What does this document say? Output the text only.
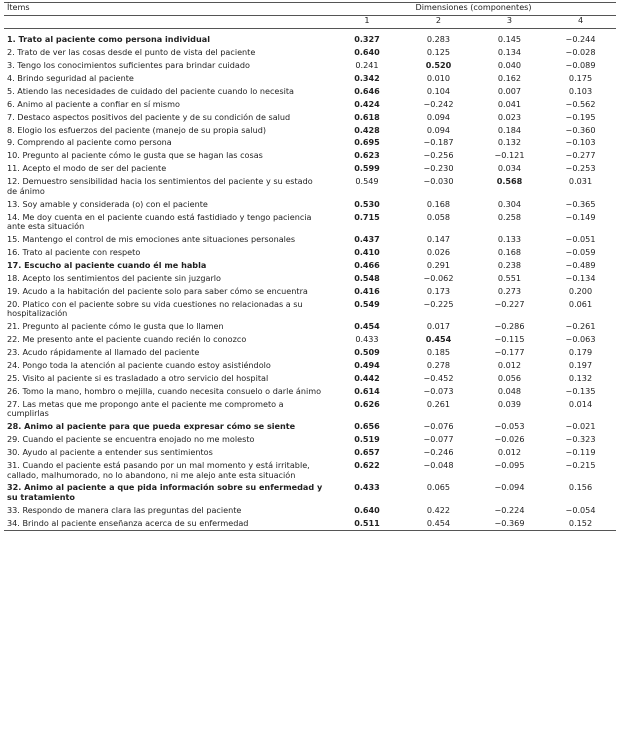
Ítems	Dimensiones (componentes)			
	1	2	3	4

1. Trato al paciente como persona individual	0.327	0.283	0.145	−0.244
2. Trato de ver las cosas desde el punto de vista del paciente	0.640	0.125	0.134	−0.028
3. Tengo los conocimientos suficientes para brindar cuidado	0.241	0.520	0.040	−0.089
4. Brindo seguridad al paciente	0.342	0.010	0.162	0.175
5. Atiendo las necesidades de cuidado del paciente cuando lo necesita	0.646	0.104	0.007	0.103
6. Animo al paciente a confiar en sí mismo	0.424	−0.242	0.041	−0.562
7. Destaco aspectos positivos del paciente y de su condición de salud	0.618	0.094	0.023	−0.195
8. Elogio los esfuerzos del paciente (manejo de su propia salud)	0.428	0.094	0.184	−0.360
9. Comprendo al paciente como persona	0.695	−0.187	0.132	−0.103
10. Pregunto al paciente cómo le gusta que se hagan las cosas	0.623	−0.256	−0.121	−0.277
11. Acepto el modo de ser del paciente	0.599	−0.230	0.034	−0.253
12. Demuestro sensibilidad hacia los sentimientos del paciente y su estado de ánimo	0.549	−0.030	0.568	0.031
13. Soy amable y considerada (o) con el paciente	0.530	0.168	0.304	−0.365
14. Me doy cuenta en el paciente cuando está fastidiado y tengo paciencia ante esta situación	0.715	0.058	0.258	−0.149
15. Mantengo el control de mis emociones ante situaciones personales	0.437	0.147	0.133	−0.051
16. Trato al paciente con respeto	0.410	0.026	0.168	−0.059
17. Escucho al paciente cuando él me habla	0.466	0.291	0.238	−0.489
18. Acepto los sentimientos del paciente sin juzgarlo	0.548	−0.062	0.551	−0.134
19. Acudo a la habitación del paciente solo para saber cómo se encuentra	0.416	0.173	0.273	0.200
20. Platico con el paciente sobre su vida cuestiones no relacionadas a su hospitalización	0.549	−0.225	−0.227	0.061
21. Pregunto al paciente cómo le gusta que lo llamen	0.454	0.017	−0.286	−0.261
22. Me presento ante el paciente cuando recién lo conozco	0.433	0.454	−0.115	−0.063
23. Acudo rápidamente al llamado del paciente	0.509	0.185	−0.177	0.179
24. Pongo toda la atención al paciente cuando estoy asistiéndolo	0.494	0.278	0.012	0.197
25. Visito al paciente si es trasladado a otro servicio del hospital	0.442	−0.452	0.056	0.132
26. Tomo la mano, hombro o mejilla, cuando necesita consuelo o darle ánimo	0.614	−0.073	0.048	−0.135
27. Las metas que me propongo ante el paciente me comprometo a cumplirlas	0.626	0.261	0.039	0.014
28. Animo al paciente para que pueda expresar cómo se siente	0.656	−0.076	−0.053	−0.021
29. Cuando el paciente se encuentra enojado no me molesto	0.519	−0.077	−0.026	−0.323
30. Ayudo al paciente a entender sus sentimientos	0.657	−0.246	0.012	−0.119
31. Cuando el paciente está pasando por un mal momento y está irritable, callado, malhumorado, no lo abandono, ni me alejo ante esta situación	0.622	−0.048	−0.095	−0.215
32. Animo al paciente a que pida información sobre su enfermedad y su tratamiento	0.433	0.065	−0.094	0.156
33. Respondo de manera clara las preguntas del paciente	0.640	0.422	−0.224	−0.054
34. Brindo al paciente enseñanza acerca de su enfermedad	0.511	0.454	−0.369	0.152
